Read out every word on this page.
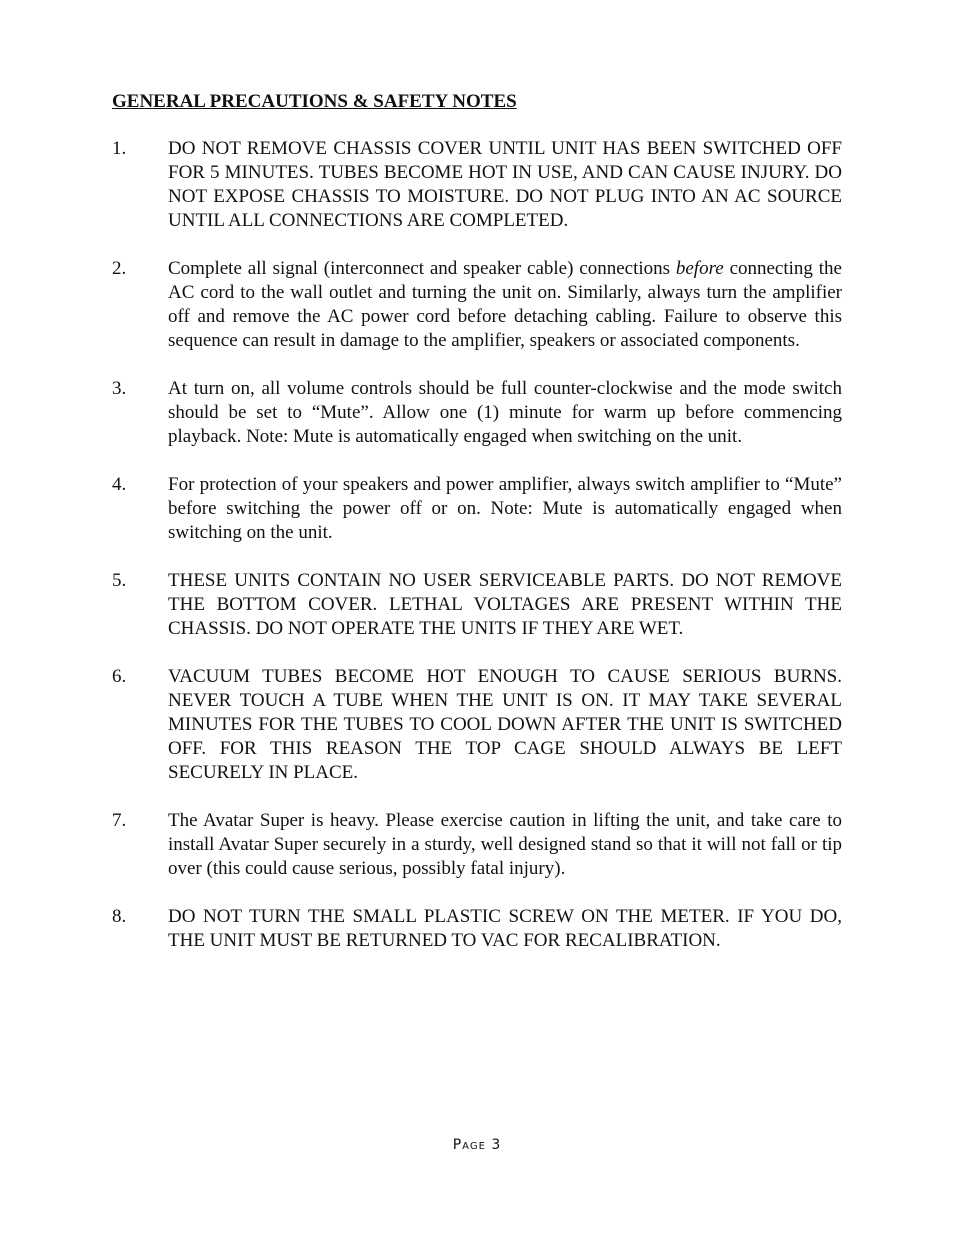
GENERAL PRECAUTIONS & SAFETY NOTES
1.	DO NOT REMOVE CHASSIS COVER UNTIL UNIT HAS BEEN SWITCHED OFF FOR 5 MINUTES. TUBES BECOME HOT IN USE, AND CAN CAUSE INJURY. DO NOT EXPOSE CHASSIS TO MOISTURE. DO NOT PLUG INTO AN AC SOURCE UNTIL ALL CONNECTIONS ARE COMPLETED.
2.	Complete all signal (interconnect and speaker cable) connections before connecting the AC cord to the wall outlet and turning the unit on. Similarly, always turn the amplifier off and remove the AC power cord before detaching cabling. Failure to observe this sequence can result in damage to the amplifier, speakers or associated components.
3.	At turn on, all volume controls should be full counter-clockwise and the mode switch should be set to “Mute”. Allow one (1) minute for warm up before commencing playback. Note: Mute is automatically engaged when switching on the unit.
4.	For protection of your speakers and power amplifier, always switch amplifier to “Mute” before switching the power off or on. Note: Mute is automatically engaged when switching on the unit.
5.	THESE UNITS CONTAIN NO USER SERVICEABLE PARTS. DO NOT REMOVE THE BOTTOM COVER. LETHAL VOLTAGES ARE PRESENT WITHIN THE CHASSIS. DO NOT OPERATE THE UNITS IF THEY ARE WET.
6.	VACUUM TUBES BECOME HOT ENOUGH TO CAUSE SERIOUS BURNS. NEVER TOUCH A TUBE WHEN THE UNIT IS ON. IT MAY TAKE SEVERAL MINUTES FOR THE TUBES TO COOL DOWN AFTER THE UNIT IS SWITCHED OFF. FOR THIS REASON THE TOP CAGE SHOULD ALWAYS BE LEFT SECURELY IN PLACE.
7.	The Avatar Super is heavy. Please exercise caution in lifting the unit, and take care to install Avatar Super securely in a sturdy, well designed stand so that it will not fall or tip over (this could cause serious, possibly fatal injury).
8.	DO NOT TURN THE SMALL PLASTIC SCREW ON THE METER. IF YOU DO, THE UNIT MUST BE RETURNED TO VAC FOR RECALIBRATION.
Page 3
